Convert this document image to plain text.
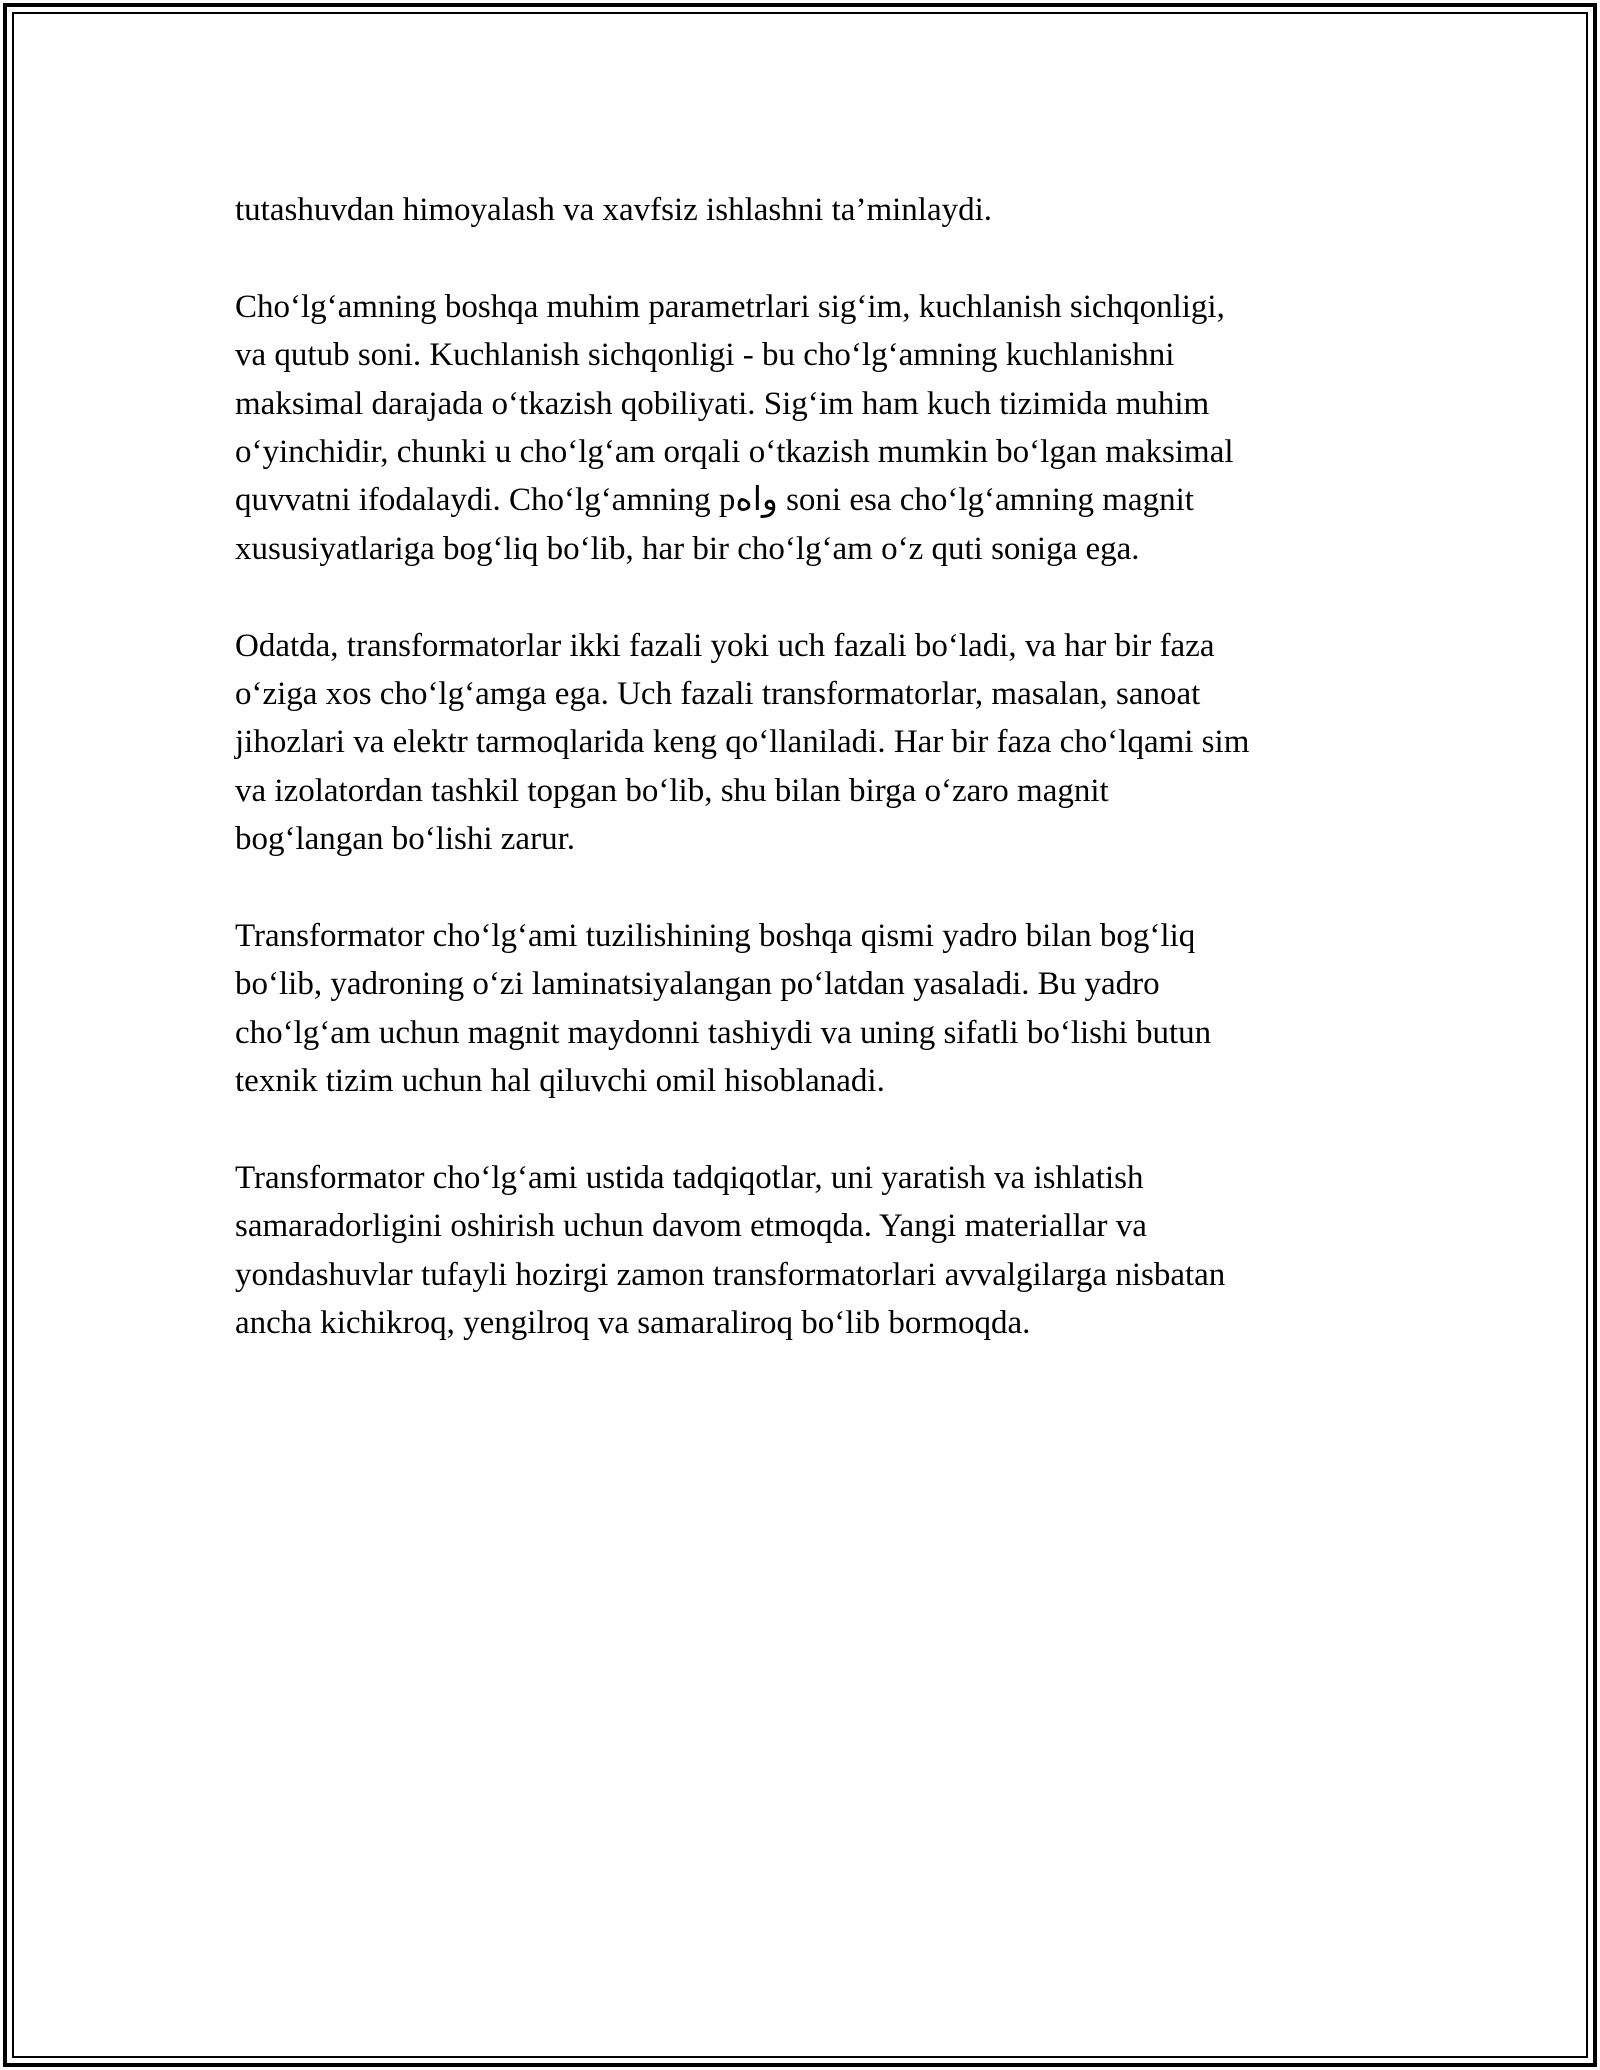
tutashuvdan himoyalash va xavfsiz ishlashni ta’minlaydi.
Cho‘lg‘amning boshqa muhim parametrlari sig‘im, kuchlanish sichqonligi,
va qutub soni. Kuchlanish sichqonligi - bu cho‘lg‘amning kuchlanishni
maksimal darajada o‘tkazish qobiliyati. Sig‘im ham kuch tizimida muhim
o‘yinchidir, chunki u cho‘lg‘am orqali o‘tkazish mumkin bo‘lgan maksimal
quvvatni ifodalaydi. Cho‘lg‘amning pواه soni esa cho‘lg‘amning magnit
xususiyatlariga bog‘liq bo‘lib, har bir cho‘lg‘am o‘z quti soniga ega.
Odatda, transformatorlar ikki fazali yoki uch fazali bo‘ladi, va har bir faza
o‘ziga xos cho‘lg‘amga ega. Uch fazali transformatorlar, masalan, sanoat
jihozlari va elektr tarmoqlarida keng qo‘llaniladi. Har bir faza cho‘lqami sim
va izolatordan tashkil topgan bo‘lib, shu bilan birga o‘zaro magnit
bog‘langan bo‘lishi zarur.
Transformator cho‘lg‘ami tuzilishining boshqa qismi yadro bilan bog‘liq
bo‘lib, yadroning o‘zi laminatsiyalangan po‘latdan yasaladi. Bu yadro
cho‘lg‘am uchun magnit maydonni tashiydi va uning sifatli bo‘lishi butun
texnik tizim uchun hal qiluvchi omil hisoblanadi.
Transformator cho‘lg‘ami ustida tadqiqotlar, uni yaratish va ishlatish
samaradorligini oshirish uchun davom etmoqda. Yangi materiallar va
yondashuvlar tufayli hozirgi zamon transformatorlari avvalgilarga nisbatan
ancha kichikroq, yengilroq va samaraliroq bo‘lib bormoqda.
